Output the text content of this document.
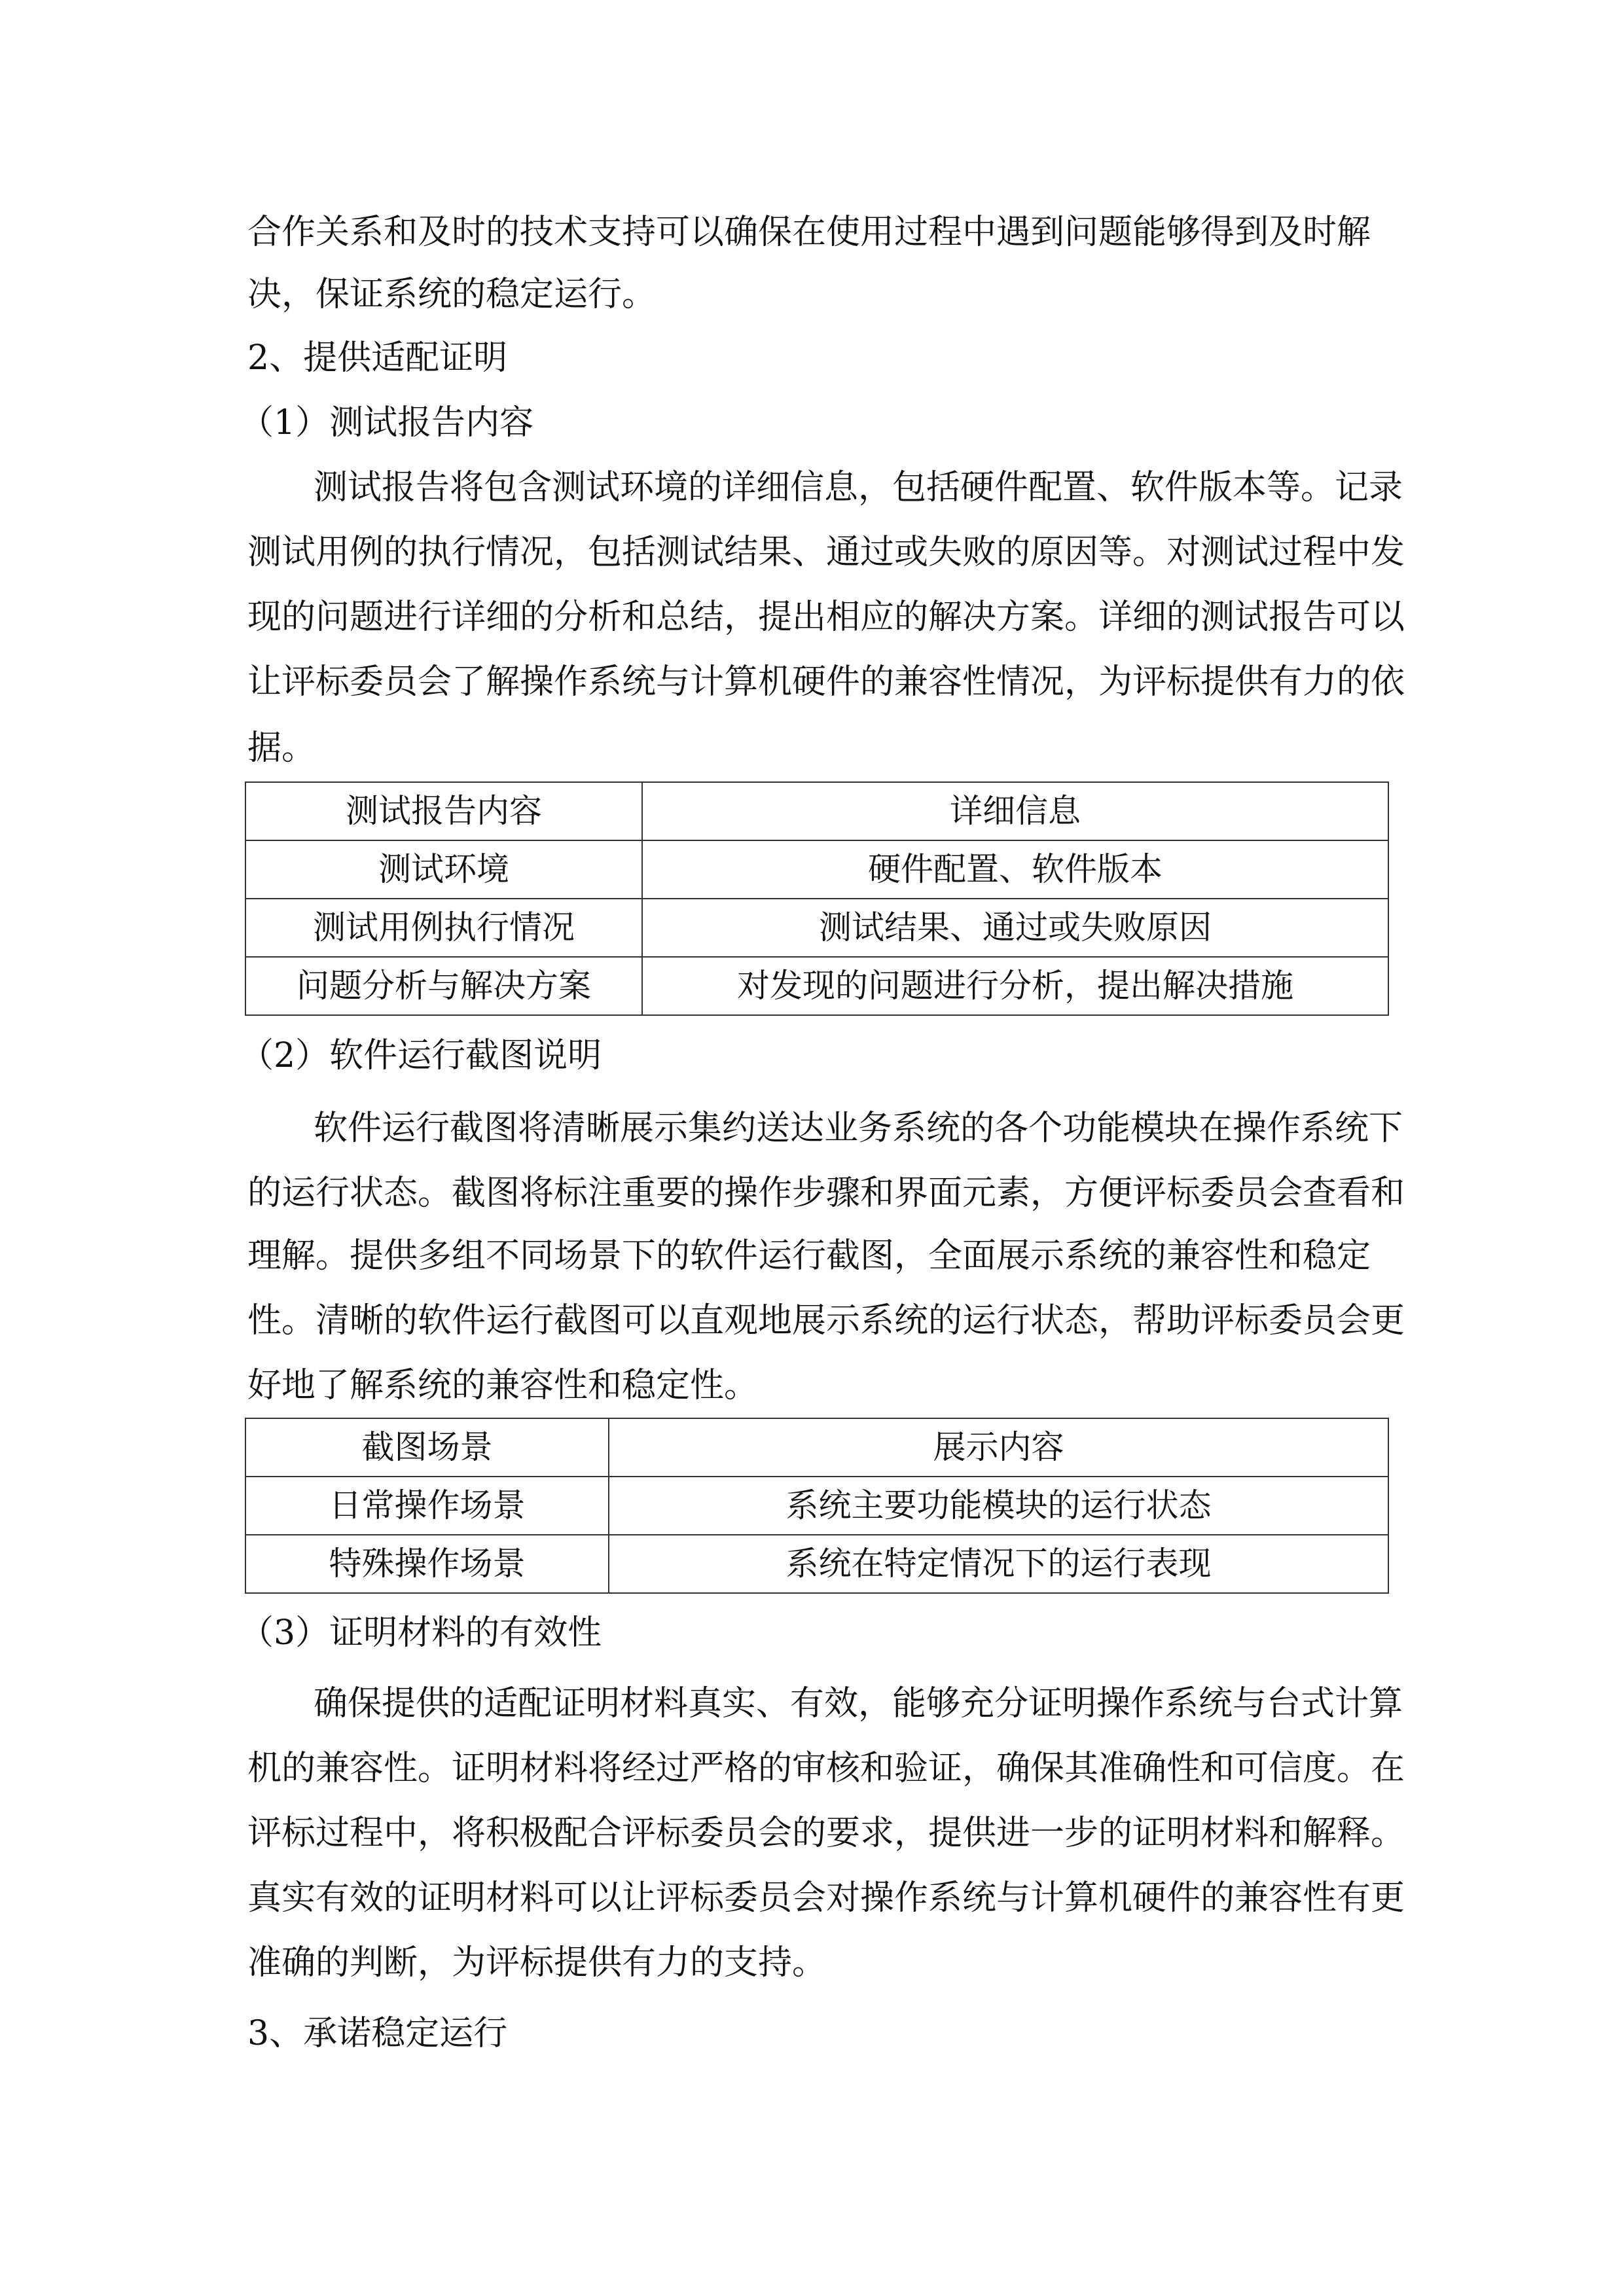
合作关系和及时的技术支持可以确保在使用过程中遇到问题能够得到及时解
决，保证系统的稳定运行。
2、提供适配证明
（1）测试报告内容
测试报告将包含测试环境的详细信息，包括硬件配置、软件版本等。记录
测试用例的执行情况，包括测试结果、通过或失败的原因等。对测试过程中发
现的问题进行详细的分析和总结，提出相应的解决方案。详细的测试报告可以
让评标委员会了解操作系统与计算机硬件的兼容性情况，为评标提供有力的依
据。
测试报告内容	详细信息
测试环境	硬件配置、软件版本
测试用例执行情况	测试结果、通过或失败原因
问题分析与解决方案	对发现的问题进行分析，提出解决措施
（2）软件运行截图说明
软件运行截图将清晰展示集约送达业务系统的各个功能模块在操作系统下
的运行状态。截图将标注重要的操作步骤和界面元素，方便评标委员会查看和
理解。提供多组不同场景下的软件运行截图，全面展示系统的兼容性和稳定
性。清晰的软件运行截图可以直观地展示系统的运行状态，帮助评标委员会更
好地了解系统的兼容性和稳定性。
截图场景	展示内容
日常操作场景	系统主要功能模块的运行状态
特殊操作场景	系统在特定情况下的运行表现
（3）证明材料的有效性
确保提供的适配证明材料真实、有效，能够充分证明操作系统与台式计算
机的兼容性。证明材料将经过严格的审核和验证，确保其准确性和可信度。在
评标过程中，将积极配合评标委员会的要求，提供进一步的证明材料和解释。
真实有效的证明材料可以让评标委员会对操作系统与计算机硬件的兼容性有更
准确的判断，为评标提供有力的支持。
3、承诺稳定运行
